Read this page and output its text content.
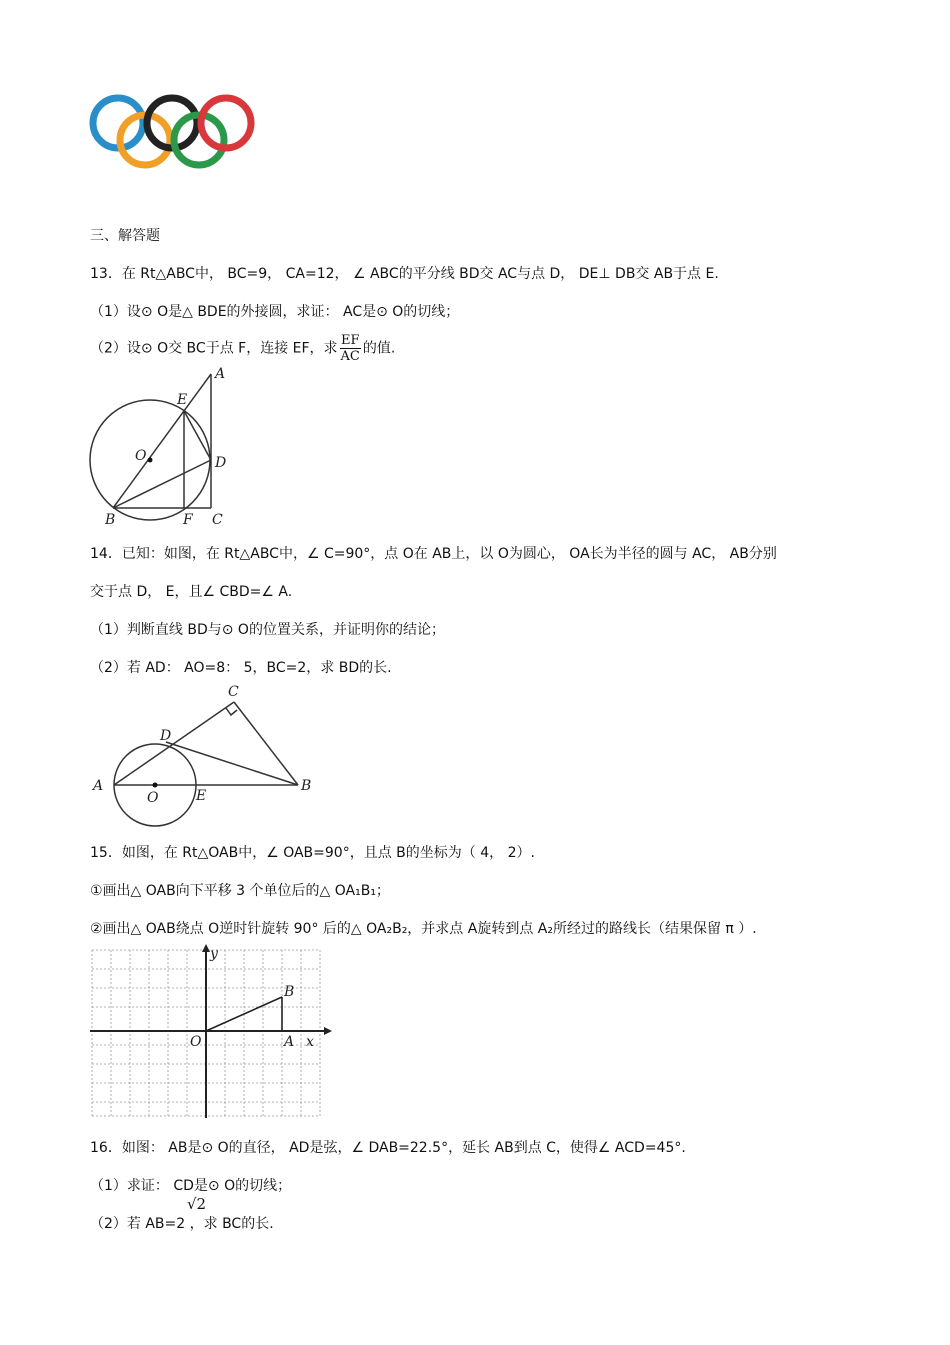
三、解答题
13．在 Rt△ABC中， BC=9， CA=12， ∠ ABC的平分线 BD交 AC与点 D， DE⊥ DB交 AB于点 E.
（1）设⊙ O是△ BDE的外接圆，求证： AC是⊙ O的切线；
（2）设⊙ O交 BC于点 F，连接 EF，求 $\frac{EF}{AC}$ 的值.
A
E
O	D
B	F C
14．已知：如图，在 Rt△ABC中，∠ C=90°，点 O在 AB上，以 O为圆心， OA长为半径的圆与 AC， AB分别
交于点 D， E，且∠ CBD=∠ A.
（1）判断直线 BD与⊙ O的位置关系，并证明你的结论；
（2）若 AD： AO=8： 5，BC=2，求 BD的长.
C
D
A
O	E
B
15．如图，在 Rt△OAB中，∠ OAB=90°，且点 B的坐标为（ 4， 2）.
①画出△ OAB向下平移 3 个单位后的△ OA₁B₁；
②画出△ OAB绕点 O逆时针旋转 90° 后的△ OA₂B₂，并求点 A旋转到点 A₂所经过的路线长（结果保留 π ）.
y
B
O	A x
16．如图： AB是⊙ O的直径， AD是弦，∠ DAB=22.5°，延长 AB到点 C，使得∠ ACD=45°.
（1）求证： CD是⊙ O的切线；
√2
（2）若 AB=2 ，求 BC的长.
